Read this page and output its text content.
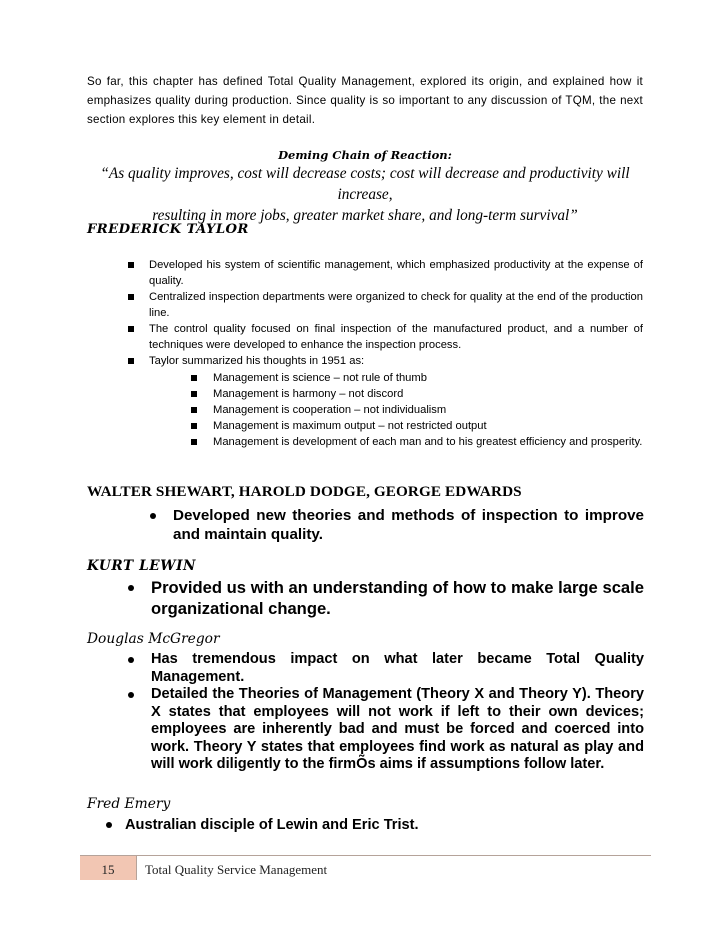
So far, this chapter has defined Total Quality Management, explored its origin, and explained how it emphasizes quality during production. Since quality is so important to any discussion of TQM, the next section explores this key element in detail.

Deming Chain of Reaction:
“As quality improves, cost will decrease costs; cost will decrease and productivity will increase,
resulting in more jobs, greater market share, and long-term survival”
FREDERICK TAYLOR
Developed his system of scientific management, which emphasized productivity at the expense of quality.
Centralized inspection departments were organized to check for quality at the end of the production line.
The control quality focused on final inspection of the manufactured product, and a number of techniques were developed to enhance the inspection process.
Taylor summarized his thoughts in 1951 as:
Management is science – not rule of thumb
Management is harmony – not discord
Management is cooperation – not individualism
Management is maximum output – not restricted output
Management is development of each man and to his greatest efficiency and prosperity.
WALTER SHEWART, HAROLD DODGE, GEORGE EDWARDS
Developed new theories and methods of inspection to improve and maintain quality.
KURT LEWIN
Provided us with an understanding of how to make large scale organizational change.
Douglas McGregor
Has tremendous impact on what later became Total Quality Management.
Detailed the Theories of Management (Theory X and Theory Y). Theory X states that employees will not work if left to their own devices; employees are inherently bad and must be forced and coerced into work. Theory Y states that employees find work as natural as play and will work diligently to the firmÕs aims if assumptions follow later.
Fred Emery
Australian disciple of Lewin and Eric Trist.
15	Total Quality Service Management
